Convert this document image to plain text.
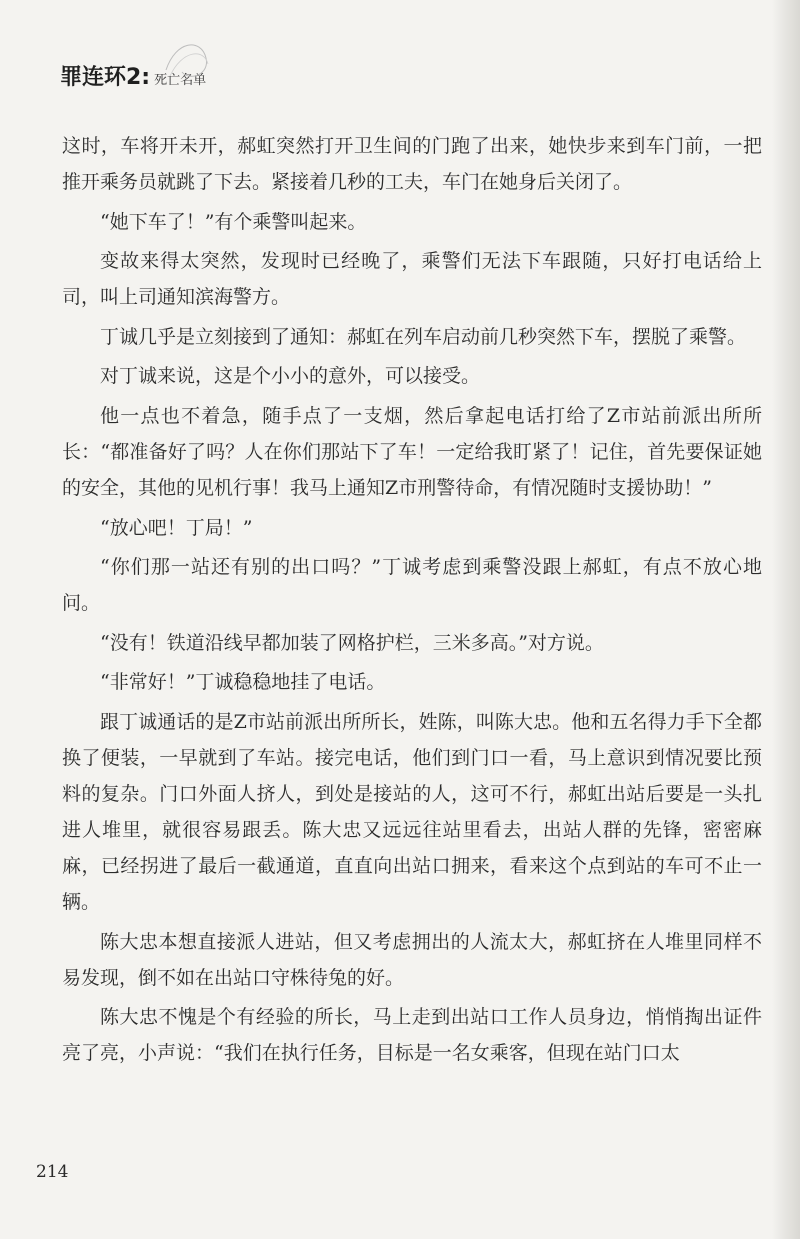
罪连环2: 死亡名单

这时，车将开未开，郝虹突然打开卫生间的门跑了出来，她快步来到车门前，一把推开乘务员就跳了下去。紧接着几秒的工夫，车门在她身后关闭了。

“她下车了！”有个乘警叫起来。

变故来得太突然，发现时已经晚了，乘警们无法下车跟随，只好打电话给上司，叫上司通知滨海警方。

丁诚几乎是立刻接到了通知：郝虹在列车启动前几秒突然下车，摆脱了乘警。

对丁诚来说，这是个小小的意外，可以接受。

他一点也不着急，随手点了一支烟，然后拿起电话打给了Z市站前派出所所长：“都准备好了吗？人在你们那站下了车！一定给我盯紧了！记住，首先要保证她的安全，其他的见机行事！我马上通知Z市刑警待命，有情况随时支援协助！”

“放心吧！丁局！”

“你们那一站还有别的出口吗？”丁诚考虑到乘警没跟上郝虹，有点不放心地问。

“没有！铁道沿线早都加装了网格护栏，三米多高。”对方说。

“非常好！”丁诚稳稳地挂了电话。

跟丁诚通话的是Z市站前派出所所长，姓陈，叫陈大忠。他和五名得力手下全都换了便装，一早就到了车站。接完电话，他们到门口一看，马上意识到情况要比预料的复杂。门口外面人挤人，到处是接站的人，这可不行，郝虹出站后要是一头扎进人堆里，就很容易跟丢。陈大忠又远远往站里看去，出站人群的先锋，密密麻麻，已经拐进了最后一截通道，直直向出站口拥来，看来这个点到站的车可不止一辆。

陈大忠本想直接派人进站，但又考虑拥出的人流太大，郝虹挤在人堆里同样不易发现，倒不如在出站口守株待兔的好。

陈大忠不愧是个有经验的所长，马上走到出站口工作人员身边，悄悄掏出证件亮了亮，小声说：“我们在执行任务，目标是一名女乘客，但现在站门口太

214
